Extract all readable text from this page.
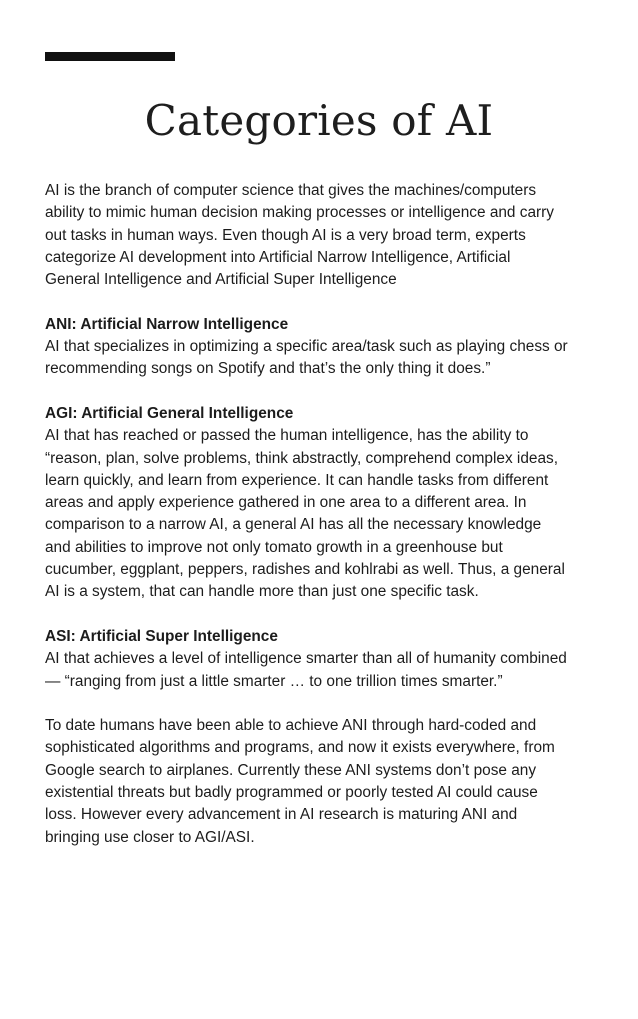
Categories of AI

AI is the branch of computer science that gives the machines/computers
ability to mimic human decision making processes or intelligence and carry
out tasks in human ways. Even though AI is a very broad term, experts
categorize AI development into Artificial Narrow Intelligence, Artificial
General Intelligence and Artificial Super Intelligence

ANI: Artificial Narrow Intelligence
AI that specializes in optimizing a specific area/task such as playing chess or
recommending songs on Spotify and that’s the only thing it does.”

AGI: Artificial General Intelligence
AI that has reached or passed the human intelligence, has the ability to
“reason, plan, solve problems, think abstractly, comprehend complex ideas,
learn quickly, and learn from experience. It can handle tasks from different
areas and apply experience gathered in one area to a different area. In
comparison to a narrow AI, a general AI has all the necessary knowledge
and abilities to improve not only tomato growth in a greenhouse but
cucumber, eggplant, peppers, radishes and kohlrabi as well. Thus, a general
AI is a system, that can handle more than just one specific task.

ASI: Artificial Super Intelligence
AI that achieves a level of intelligence smarter than all of humanity combined
— “ranging from just a little smarter … to one trillion times smarter.”

To date humans have been able to achieve ANI through hard-coded and
sophisticated algorithms and programs, and now it exists everywhere, from
Google search to airplanes. Currently these ANI systems don’t pose any
existential threats but badly programmed or poorly tested AI could cause
loss. However every advancement in AI research is maturing ANI and
bringing use closer to AGI/ASI.
